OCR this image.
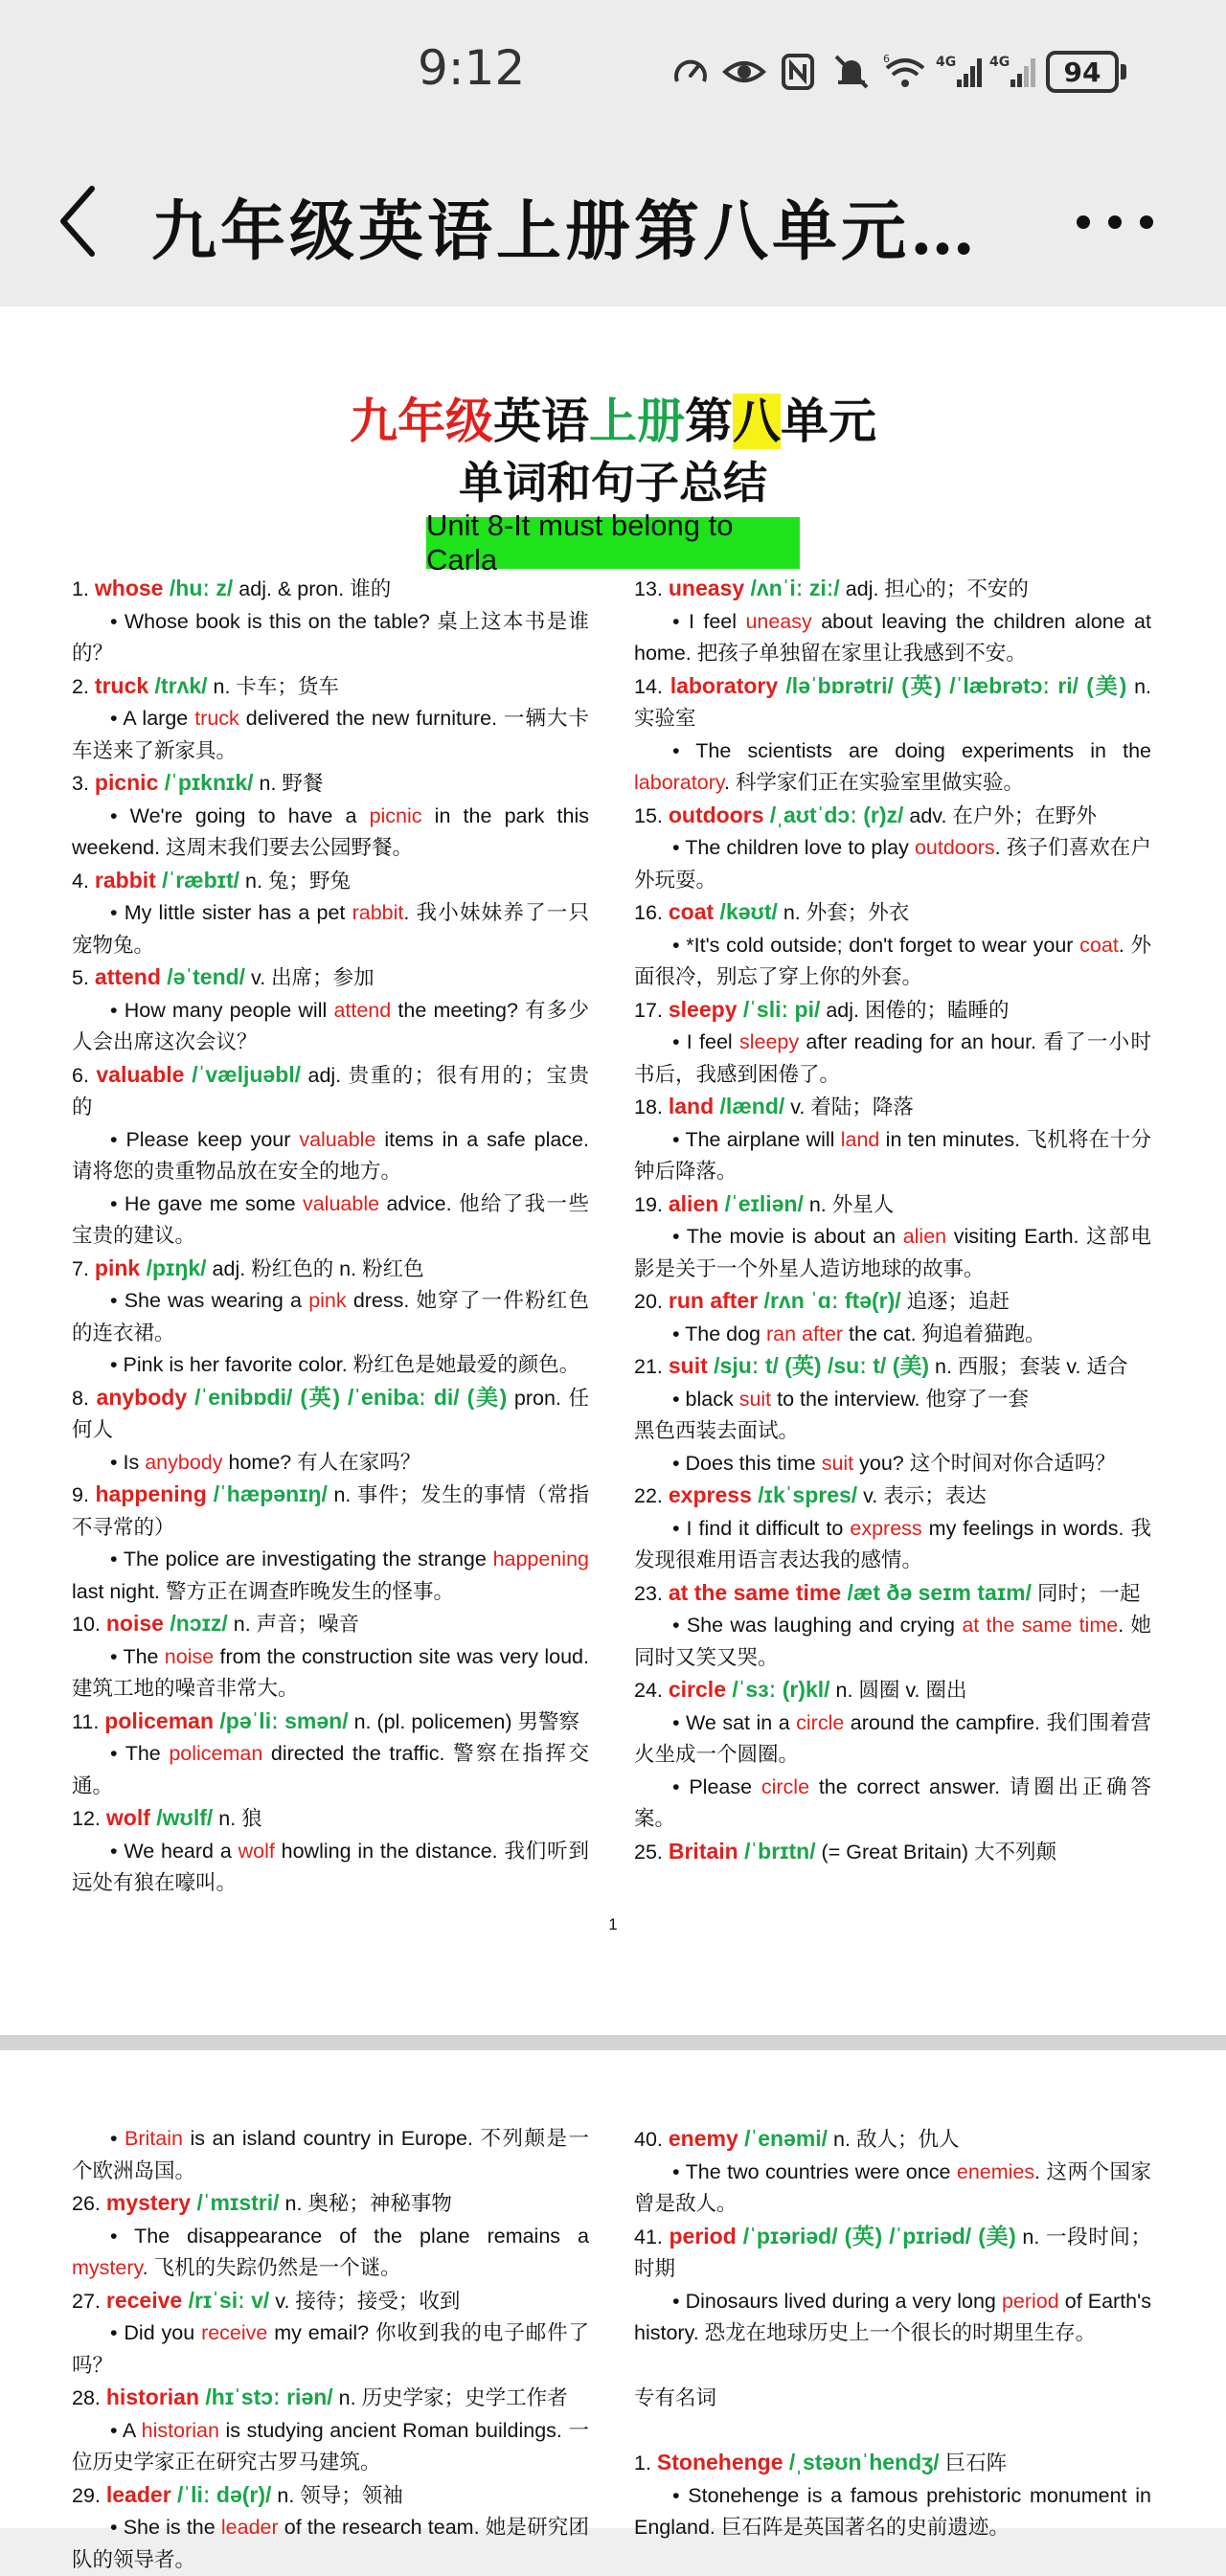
9:12	6	4G 4G	94
九年级英语上册第八单元…
九年级英语上册第八单元
单词和句子总结
Unit 8-It must belong to Carla
1. whose /huː z/ adj. & pron. 谁的
• Whose book is this on the table? 桌上这本书是谁的？
2. truck /trʌk/ n. 卡车；货车
• A large truck delivered the new furniture. 一辆大卡车送来了新家具。
3. picnic /ˈpɪknɪk/ n. 野餐
• We're going to have a picnic in the park this weekend. 这周末我们要去公园野餐。
4. rabbit /ˈræbɪt/ n. 兔；野兔
• My little sister has a pet rabbit. 我小妹妹养了一只宠物兔。
5. attend /əˈtend/ v. 出席；参加
• How many people will attend the meeting? 有多少人会出席这次会议？
6. valuable /ˈvæljuəbl/ adj. 贵重的；很有用的；宝贵的
• Please keep your valuable items in a safe place. 请将您的贵重物品放在安全的地方。
• He gave me some valuable advice. 他给了我一些宝贵的建议。
7. pink /pɪŋk/ adj. 粉红色的 n. 粉红色
• She was wearing a pink dress. 她穿了一件粉红色的连衣裙。
• Pink is her favorite color. 粉红色是她最爱的颜色。
8. anybody /ˈenibɒdi/ (英) /ˈenibaː di/ (美) pron. 任何人
• Is anybody home? 有人在家吗？
9. happening /ˈhæpənɪŋ/ n. 事件；发生的事情（常指不寻常的）
• The police are investigating the strange happening last night. 警方正在调查昨晚发生的怪事。
10. noise /nɔɪz/ n. 声音；噪音
• The noise from the construction site was very loud. 建筑工地的噪音非常大。
11. policeman /pəˈliː smən/ n. (pl. policemen) 男警察
• The policeman directed the traffic. 警察在指挥交通。
12. wolf /wʊlf/ n. 狼
• We heard a wolf howling in the distance. 我们听到远处有狼在嚎叫。
13. uneasy /ʌnˈiː ziː/ adj. 担心的；不安的
• I feel uneasy about leaving the children alone at home. 把孩子单独留在家里让我感到不安。
14. laboratory /ləˈbɒrətri/ (英) /ˈlæbrətɔː ri/ (美) n. 实验室
• The scientists are doing experiments in the laboratory. 科学家们正在实验室里做实验。
15. outdoors /ˌaʊtˈdɔː (r)z/ adv. 在户外；在野外
• The children love to play outdoors. 孩子们喜欢在户外玩耍。
16. coat /kəʊt/ n. 外套；外衣
• *It's cold outside; don't forget to wear your coat. 外面很冷，别忘了穿上你的外套。
17. sleepy /ˈsliː pi/ adj. 困倦的；瞌睡的
• I feel sleepy after reading for an hour. 看了一小时书后，我感到困倦了。
18. land /lænd/ v. 着陆；降落
• The airplane will land in ten minutes. 飞机将在十分钟后降落。
19. alien /ˈeɪliən/ n. 外星人
• The movie is about an alien visiting Earth. 这部电影是关于一个外星人造访地球的故事。
20. run after /rʌn ˈɑː ftə(r)/ 追逐；追赶
• The dog ran after the cat. 狗追着猫跑。
21. suit /sjuː t/ (英) /suː t/ (美) n. 西服；套装 v. 适合
• black suit to the interview. 他穿了一套
黑色西装去面试。
• Does this time suit you? 这个时间对你合适吗？
22. express /ɪkˈspres/ v. 表示；表达
• I find it difficult to express my feelings in words. 我发现很难用语言表达我的感情。
23. at the same time /æt ðə seɪm taɪm/ 同时；一起
• She was laughing and crying at the same time. 她同时又笑又哭。
24. circle /ˈsɜː (r)kl/ n. 圆圈 v. 圈出
• We sat in a circle around the campfire. 我们围着营火坐成一个圆圈。
• Please circle the correct answer. 请圈出正确答案。
25. Britain /ˈbrɪtn/ (= Great Britain) 大不列颠
1
• Britain is an island country in Europe. 不列颠是一个欧洲岛国。
26. mystery /ˈmɪstri/ n. 奥秘；神秘事物
• The disappearance of the plane remains a mystery. 飞机的失踪仍然是一个谜。
27. receive /rɪˈsiː v/ v. 接待；接受；收到
• Did you receive my email? 你收到我的电子邮件了吗？
28. historian /hɪˈstɔː riən/ n. 历史学家；史学工作者
• A historian is studying ancient Roman buildings. 一位历史学家正在研究古罗马建筑。
29. leader /ˈliː də(r)/ n. 领导；领袖
• She is the leader of the research team. 她是研究团队的领导者。
40. enemy /ˈenəmi/ n. 敌人；仇人
• The two countries were once enemies. 这两个国家曾是敌人。
41. period /ˈpɪəriəd/ (英) /ˈpɪriəd/ (美) n. 一段时间；时期
• Dinosaurs lived during a very long period of Earth's history. 恐龙在地球历史上一个很长的时期里生存。
专有名词
1. Stonehenge /ˌstəʊnˈhendʒ/ 巨石阵
• Stonehenge is a famous prehistoric monument in England. 巨石阵是英国著名的史前遗迹。
